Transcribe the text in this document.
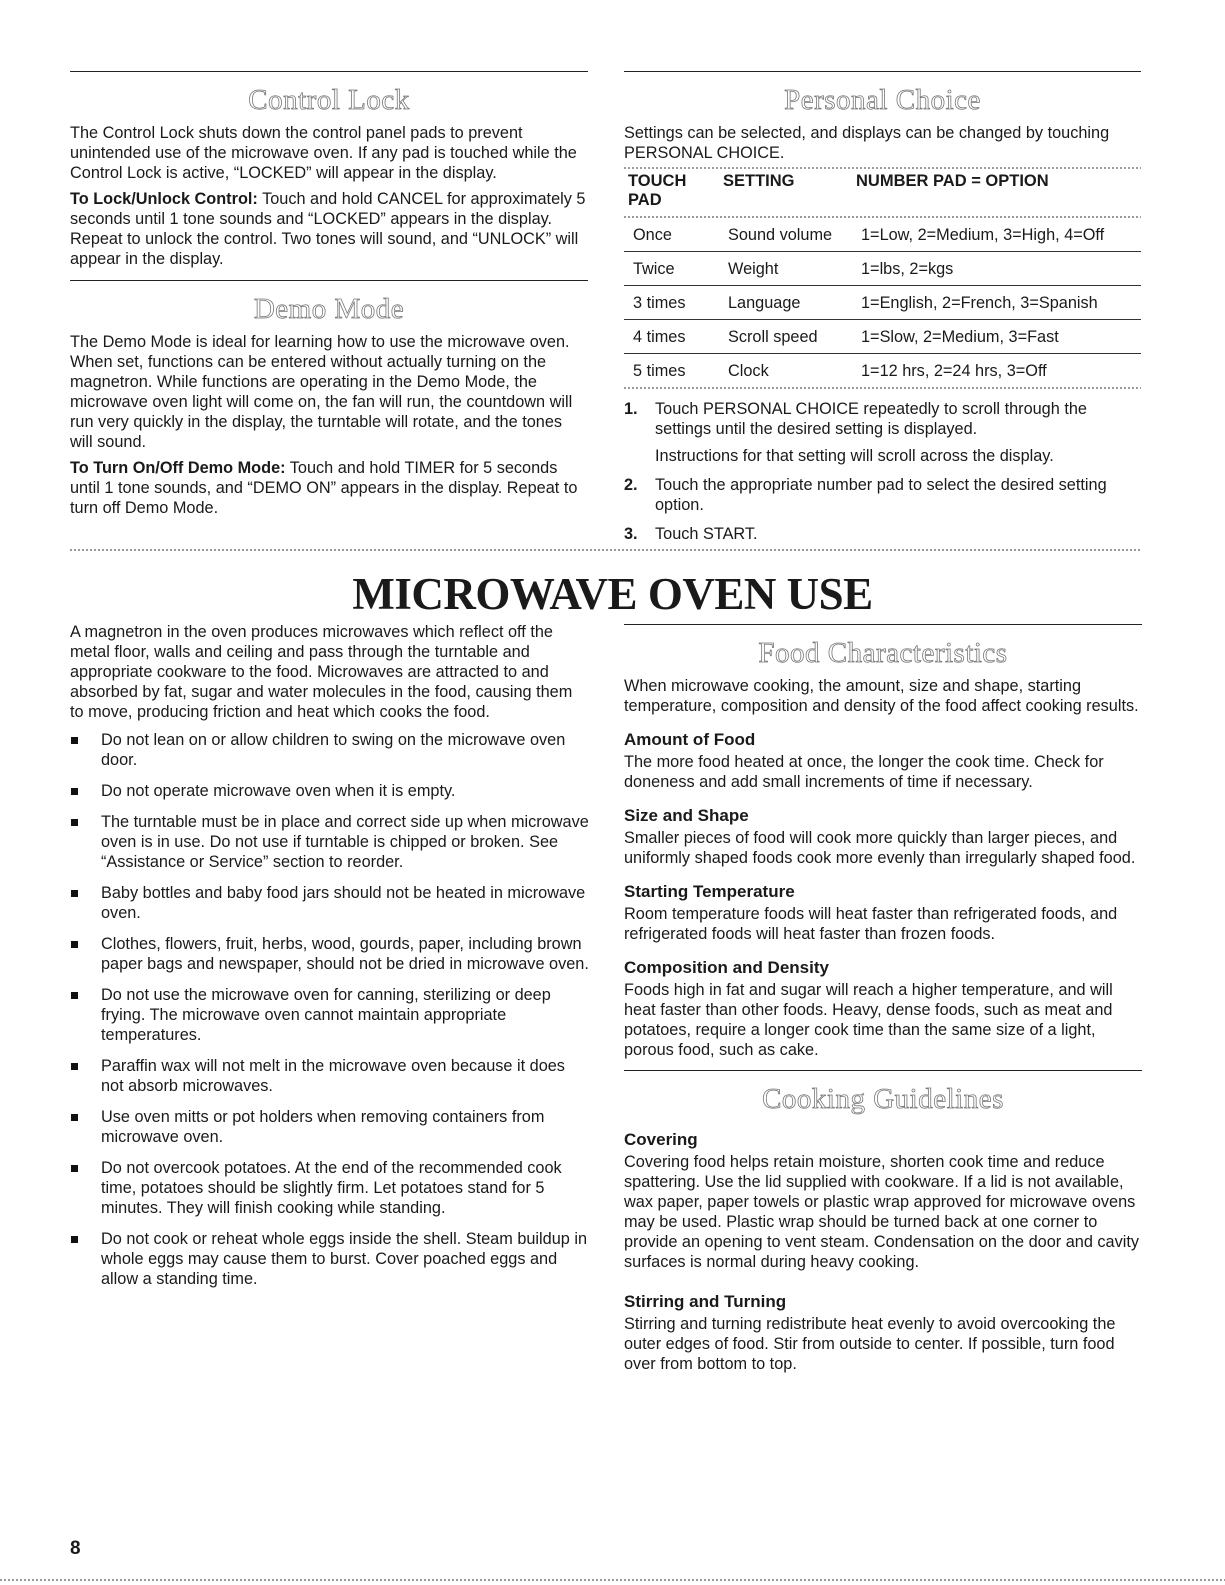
Control Lock

The Control Lock shuts down the control panel pads to prevent unintended use of the microwave oven. If any pad is touched while the Control Lock is active, “LOCKED” will appear in the display.

To Lock/Unlock Control: Touch and hold CANCEL for approximately 5 seconds until 1 tone sounds and “LOCKED” appears in the display. Repeat to unlock the control. Two tones will sound, and “UNLOCK” will appear in the display.

Demo Mode

The Demo Mode is ideal for learning how to use the microwave oven. When set, functions can be entered without actually turning on the magnetron. While functions are operating in the Demo Mode, the microwave oven light will come on, the fan will run, the countdown will run very quickly in the display, the turntable will rotate, and the tones will sound.

To Turn On/Off Demo Mode: Touch and hold TIMER for 5 seconds until 1 tone sounds, and “DEMO ON” appears in the display. Repeat to turn off Demo Mode.

Personal Choice

Settings can be selected, and displays can be changed by touching PERSONAL CHOICE.

TOUCH PAD	SETTING	NUMBER PAD = OPTION

Once	Sound volume	1=Low, 2=Medium, 3=High, 4=Off
Twice	Weight	1=lbs, 2=kgs
3 times	Language	1=English, 2=French, 3=Spanish
4 times	Scroll speed	1=Slow, 2=Medium, 3=Fast
5 times	Clock	1=12 hrs, 2=24 hrs, 3=Off
1. Touch PERSONAL CHOICE repeatedly to scroll through the settings until the desired setting is displayed.
Instructions for that setting will scroll across the display.
2. Touch the appropriate number pad to select the desired setting option.
3. Touch START.
MICROWAVE OVEN USE

A magnetron in the oven produces microwaves which reflect off the metal floor, walls and ceiling and pass through the turntable and appropriate cookware to the food. Microwaves are attracted to and absorbed by fat, sugar and water molecules in the food, causing them to move, producing friction and heat which cooks the food.

Do not lean on or allow children to swing on the microwave oven door.
Do not operate microwave oven when it is empty.
The turntable must be in place and correct side up when microwave oven is in use. Do not use if turntable is chipped or broken. See “Assistance or Service” section to reorder.
Baby bottles and baby food jars should not be heated in microwave oven.
Clothes, flowers, fruit, herbs, wood, gourds, paper, including brown paper bags and newspaper, should not be dried in microwave oven.
Do not use the microwave oven for canning, sterilizing or deep frying. The microwave oven cannot maintain appropriate temperatures.
Paraffin wax will not melt in the microwave oven because it does not absorb microwaves.
Use oven mitts or pot holders when removing containers from microwave oven.
Do not overcook potatoes. At the end of the recommended cook time, potatoes should be slightly firm. Let potatoes stand for 5 minutes. They will finish cooking while standing.
Do not cook or reheat whole eggs inside the shell. Steam buildup in whole eggs may cause them to burst. Cover poached eggs and allow a standing time.
Food Characteristics

When microwave cooking, the amount, size and shape, starting temperature, composition and density of the food affect cooking results.

Amount of Food

The more food heated at once, the longer the cook time. Check for doneness and add small increments of time if necessary.

Size and Shape

Smaller pieces of food will cook more quickly than larger pieces, and uniformly shaped foods cook more evenly than irregularly shaped food.

Starting Temperature

Room temperature foods will heat faster than refrigerated foods, and refrigerated foods will heat faster than frozen foods.

Composition and Density

Foods high in fat and sugar will reach a higher temperature, and will heat faster than other foods. Heavy, dense foods, such as meat and potatoes, require a longer cook time than the same size of a light, porous food, such as cake.

Cooking Guidelines
Covering

Covering food helps retain moisture, shorten cook time and reduce spattering. Use the lid supplied with cookware. If a lid is not available, wax paper, paper towels or plastic wrap approved for microwave ovens may be used. Plastic wrap should be turned back at one corner to provide an opening to vent steam. Condensation on the door and cavity surfaces is normal during heavy cooking.

Stirring and Turning

Stirring and turning redistribute heat evenly to avoid overcooking the outer edges of food. Stir from outside to center. If possible, turn food over from bottom to top.

8
